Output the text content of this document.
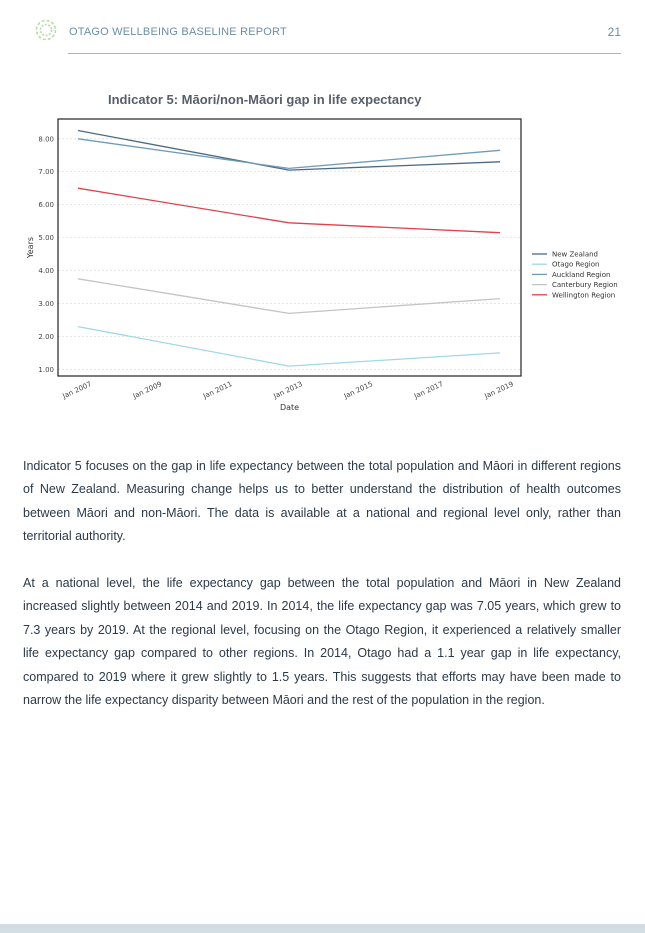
OTAGO WELLBEING BASELINE REPORT	21
Indicator 5: Māori/non-Māori gap in life expectancy
1.00
2.00
3.00
4.00
5.00
6.00
7.00
8.00
Jan 2007	Jan 2009	Jan 2011	Jan 2013	Jan 2015	Jan 2017	Jan 2019
New Zealand
Otago Region
Auckland Region
Canterbury Region
Wellington Region
Date
Years

Indicator 5 focuses on the gap in life expectancy between the total population and Māori in different regions of New Zealand. Measuring change helps us to better understand the distribution of health outcomes between Māori and non-Māori. The data is available at a national and regional level only, rather than territorial authority.

At a national level, the life expectancy gap between the total population and Māori in New Zealand increased slightly between 2014 and 2019. In 2014, the life expectancy gap was 7.05 years, which grew to 7.3 years by 2019. At the regional level, focusing on the Otago Region, it experienced a relatively smaller life expectancy gap compared to other regions. In 2014, Otago had a 1.1 year gap in life expectancy, compared to 2019 where it grew slightly to 1.5 years. This suggests that efforts may have been made to narrow the life expectancy disparity between Māori and the rest of the population in the region.
